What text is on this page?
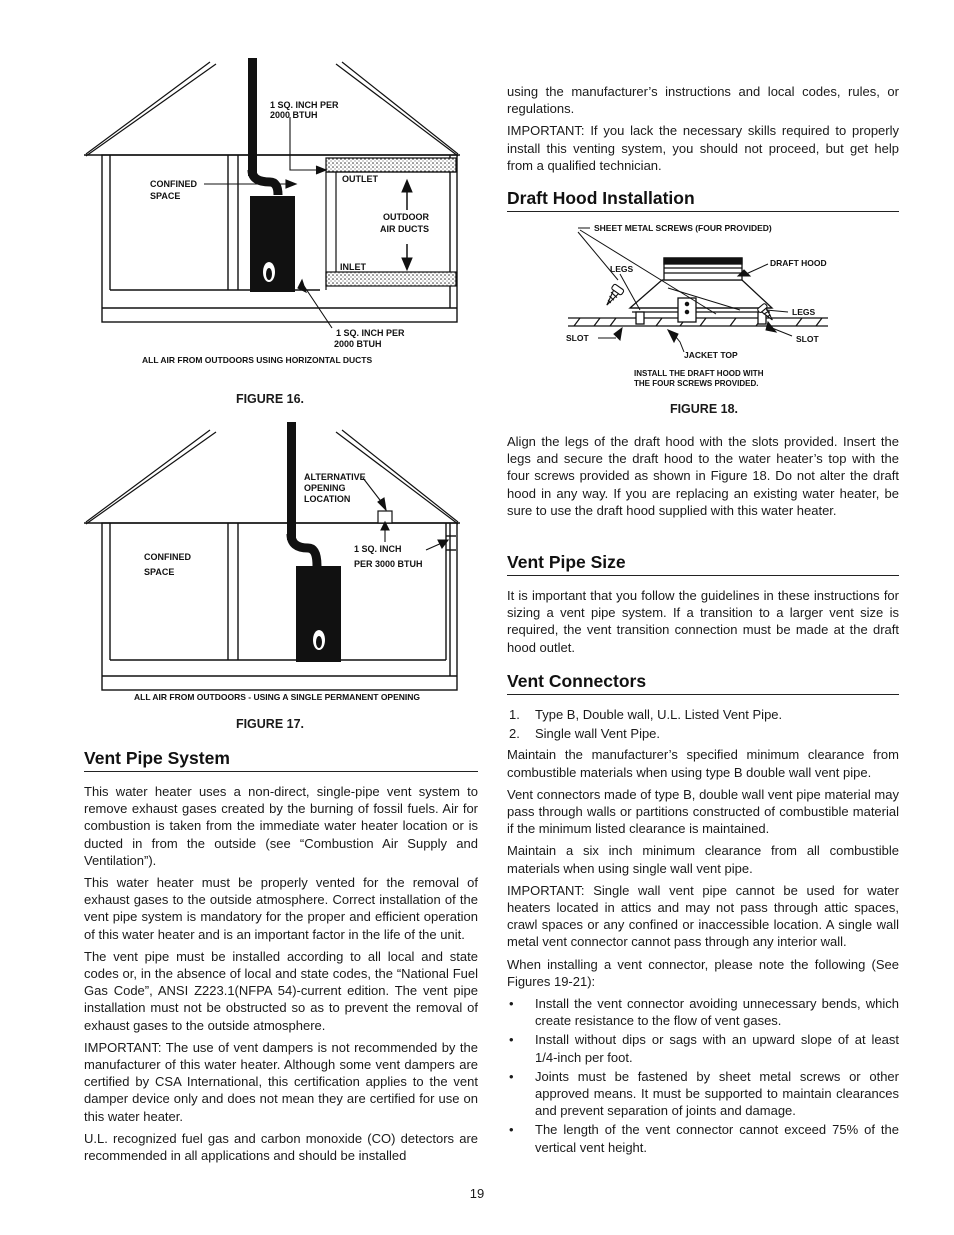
1 SQ. INCH PER
2000 BTUH
CONFINED
SPACE
OUTLET
OUTDOOR
AIR DUCTS
INLET
1 SQ. INCH PER
2000 BTUH
ALL AIR FROM OUTDOORS USING HORIZONTAL DUCTS
FIGURE 16.
ALTERNATIVE
OPENING
LOCATION
1 SQ. INCH
PER 3000 BTUH
CONFINED
SPACE
ALL AIR FROM OUTDOORS - USING A SINGLE PERMANENT OPENING
FIGURE 17.
Vent Pipe System

This water heater uses a non-direct, single-pipe vent system to remove exhaust gases created by the burning of fossil fuels. Air for combustion is taken from the immediate water heater location or is ducted in from the outside (see “Combustion Air Supply and Ventilation”).

This water heater must be properly vented for the removal of exhaust gases to the outside atmosphere. Correct installation of the vent pipe system is mandatory for the proper and efficient operation of this water heater and is an important factor in the life of the unit.

The vent pipe must be installed according to all local and state codes or, in the absence of local and state codes, the “National Fuel Gas Code”, ANSI Z223.1(NFPA 54)-current edition. The vent pipe installation must not be obstructed so as to prevent the removal of exhaust gases to the outside atmosphere.

IMPORTANT: The use of vent dampers is not recommended by the manufacturer of this water heater. Although some vent dampers are certified by CSA International, this certification applies to the vent damper device only and does not mean they are certified for use on this water heater.

U.L. recognized fuel gas and carbon monoxide (CO) detectors are recommended in all applications and should be installed

using the manufacturer’s instructions and local codes, rules, or regulations.

IMPORTANT: If you lack the necessary skills required to properly install this venting system, you should not proceed, but get help from a qualified technician.

Draft Hood Installation
SHEET METAL SCREWS (FOUR PROVIDED)
LEGS
DRAFT HOOD
LEGS
SLOT	SLOT
JACKET TOP
INSTALL THE DRAFT HOOD WITH
THE FOUR SCREWS PROVIDED.
FIGURE 18.

Align the legs of the draft hood with the slots provided. Insert the legs and secure the draft hood to the water heater’s top with the four screws provided as shown in Figure 18. Do not alter the draft hood in any way. If you are replacing an existing water heater, be sure to use the draft hood supplied with this water heater.

Vent Pipe Size

It is important that you follow the guidelines in these instructions for sizing a vent pipe system. If a transition to a larger vent size is required, the vent transition connection must be made at the draft hood outlet.

Vent Connectors
1. Type B, Double wall, U.L. Listed Vent Pipe.
2. Single wall Vent Pipe.

Maintain the manufacturer’s specified minimum clearance from combustible materials when using type B double wall vent pipe.

Vent connectors made of type B, double wall vent pipe material may pass through walls or partitions constructed of combustible material if the minimum listed clearance is maintained.

Maintain a six inch minimum clearance from all combustible materials when using single wall vent pipe.

IMPORTANT: Single wall vent pipe cannot be used for water heaters located in attics and may not pass through attic spaces, crawl spaces or any confined or inaccessible location. A single wall metal vent connector cannot pass through any interior wall.

When installing a vent connector, please note the following (See Figures 19-21):

• Install the vent connector avoiding unnecessary bends, which create resistance to the flow of vent gases.
• Install without dips or sags with an upward slope of at least 1/4-inch per foot.
• Joints must be fastened by sheet metal screws or other approved means. It must be supported to maintain clearances and prevent separation of joints and damage.
• The length of the vent connector cannot exceed 75% of the vertical vent height.
19
